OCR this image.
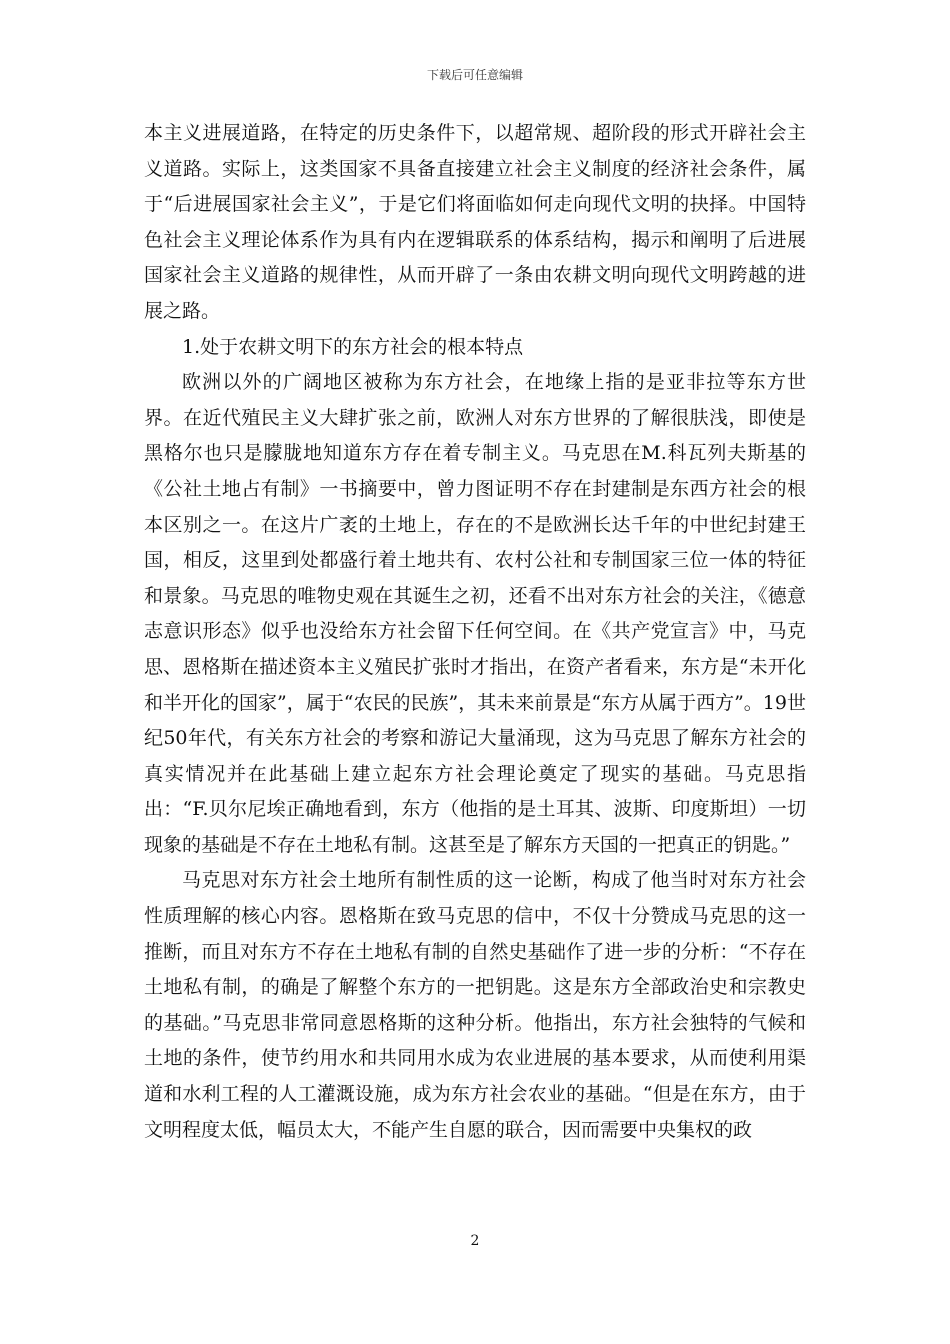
下载后可任意编辑

本主义进展道路，在特定的历史条件下，以超常规、超阶段的形式开辟社会主义道路。实际上，这类国家不具备直接建立社会主义制度的经济社会条件，属于“后进展国家社会主义”，于是它们将面临如何走向现代文明的抉择。中国特色社会主义理论体系作为具有内在逻辑联系的体系结构，揭示和阐明了后进展国家社会主义道路的规律性，从而开辟了一条由农耕文明向现代文明跨越的进展之路。

1.处于农耕文明下的东方社会的根本特点

欧洲以外的广阔地区被称为东方社会，在地缘上指的是亚非拉等东方世界。在近代殖民主义大肆扩张之前，欧洲人对东方世界的了解很肤浅，即使是黑格尔也只是朦胧地知道东方存在着专制主义。马克思在M.科瓦列夫斯基的《公社土地占有制》一书摘要中，曾力图证明不存在封建制是东西方社会的根本区别之一。在这片广袤的土地上，存在的不是欧洲长达千年的中世纪封建王国，相反，这里到处都盛行着土地共有、农村公社和专制国家三位一体的特征和景象。马克思的唯物史观在其诞生之初，还看不出对东方社会的关注，《德意志意识形态》似乎也没给东方社会留下任何空间。在《共产党宣言》中，马克思、恩格斯在描述资本主义殖民扩张时才指出，在资产者看来，东方是“未开化和半开化的国家”，属于“农民的民族”，其未来前景是“东方从属于西方”。19世纪50年代，有关东方社会的考察和游记大量涌现，这为马克思了解东方社会的真实情况并在此基础上建立起东方社会理论奠定了现实的基础。马克思指出：“F.贝尔尼埃正确地看到，东方（他指的是土耳其、波斯、印度斯坦）一切现象的基础是不存在土地私有制。这甚至是了解东方天国的一把真正的钥匙。”

马克思对东方社会土地所有制性质的这一论断，构成了他当时对东方社会性质理解的核心内容。恩格斯在致马克思的信中，不仅十分赞成马克思的这一推断，而且对东方不存在土地私有制的自然史基础作了进一步的分析：“不存在土地私有制，的确是了解整个东方的一把钥匙。这是东方全部政治史和宗教史的基础。”马克思非常同意恩格斯的这种分析。他指出，东方社会独特的气候和土地的条件，使节约用水和共同用水成为农业进展的基本要求，从而使利用渠道和水利工程的人工灌溉设施，成为东方社会农业的基础。“但是在东方，由于文明程度太低，幅员太大，不能产生自愿的联合，因而需要中央集权的政

2
